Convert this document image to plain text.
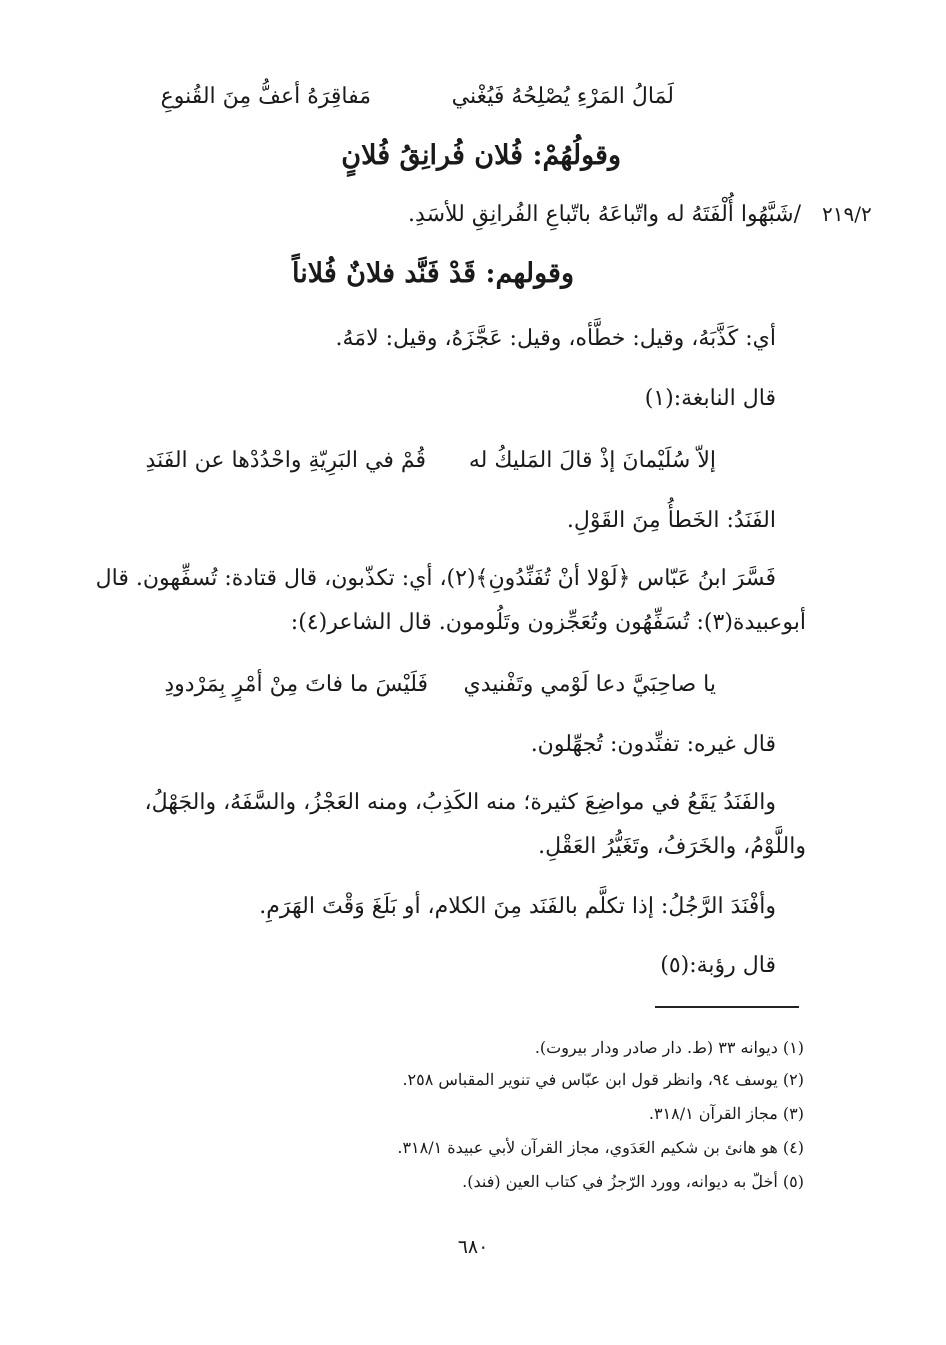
لَمَالُ المَرْءِ يُصْلِحُهُ فَيُغْني
مَفاقِرَهُ أعفُّ مِنَ القُنوعِ
وقولُهُمْ: فُلان فُرانِقُ فُلانٍ
٢١٩/٢
/شَبَّهُوا أُلْفَتَهُ له واتّباعَهُ باتّباعِ الفُرانِقِ للأسَدِ.
وقولهم: قَدْ فَنَّد فلانٌ فُلاناً
أي: كَذَّبَهُ، وقيل: خطَّأه، وقيل: عَجَّزَهُ، وقيل: لامَهُ.
قال النابغة:(١)
إلاّ سُلَيْمانَ إذْ قالَ المَليكُ له
قُمْ في البَرِيّةِ واحْدُدْها عن الفَنَدِ
الفَنَدُ: الخَطأُ مِنَ القَوْلِ.
فَسَّرَ ابنُ عَبّاس ﴿لَوْلا أنْ تُفَنِّدُونِ﴾(٢)، أي: تكذّبون، قال قتادة: تُسفِّهون. قال
أبوعبيدة(٣): تُسَفِّهُون وتُعَجِّزون وتَلُومون. قال الشاعر(٤):
يا صاحِبَيَّ دعا لَوْمي وتَفْنيدي
فَلَيْسَ ما فاتَ مِنْ أمْرٍ بِمَرْدودِ
قال غيره: تفنِّدون: تُجهِّلون.
والفَنَدُ يَقَعُ في مواضِعَ كثيرة؛ منه الكَذِبُ، ومنه العَجْزُ، والسَّفَهُ، والجَهْلُ،
واللَّوْمُ، والخَرَفُ، وتَغَيُّرُ العَقْلِ.
وأفْنَدَ الرَّجُلُ: إذا تكلَّم بالفَنَد مِنَ الكلام، أو بَلَغَ وَقْتَ الهَرَمِ.
قال رؤبة:(٥)
(١) ديوانه ٣٣ (ط. دار صادر ودار بيروت).
(٢) يوسف ٩٤، وانظر قول ابن عبّاس في تنوير المقباس ٢٥٨.
(٣) مجاز القرآن ٣١٨/١.
(٤) هو هانئ بن شكيم العَدَوي، مجاز القرآن لأبي عبيدة ٣١٨/١.
(٥) أخلّ به ديوانه، وورد الرّجزُ في كتاب العين (فند).
٦٨٠
